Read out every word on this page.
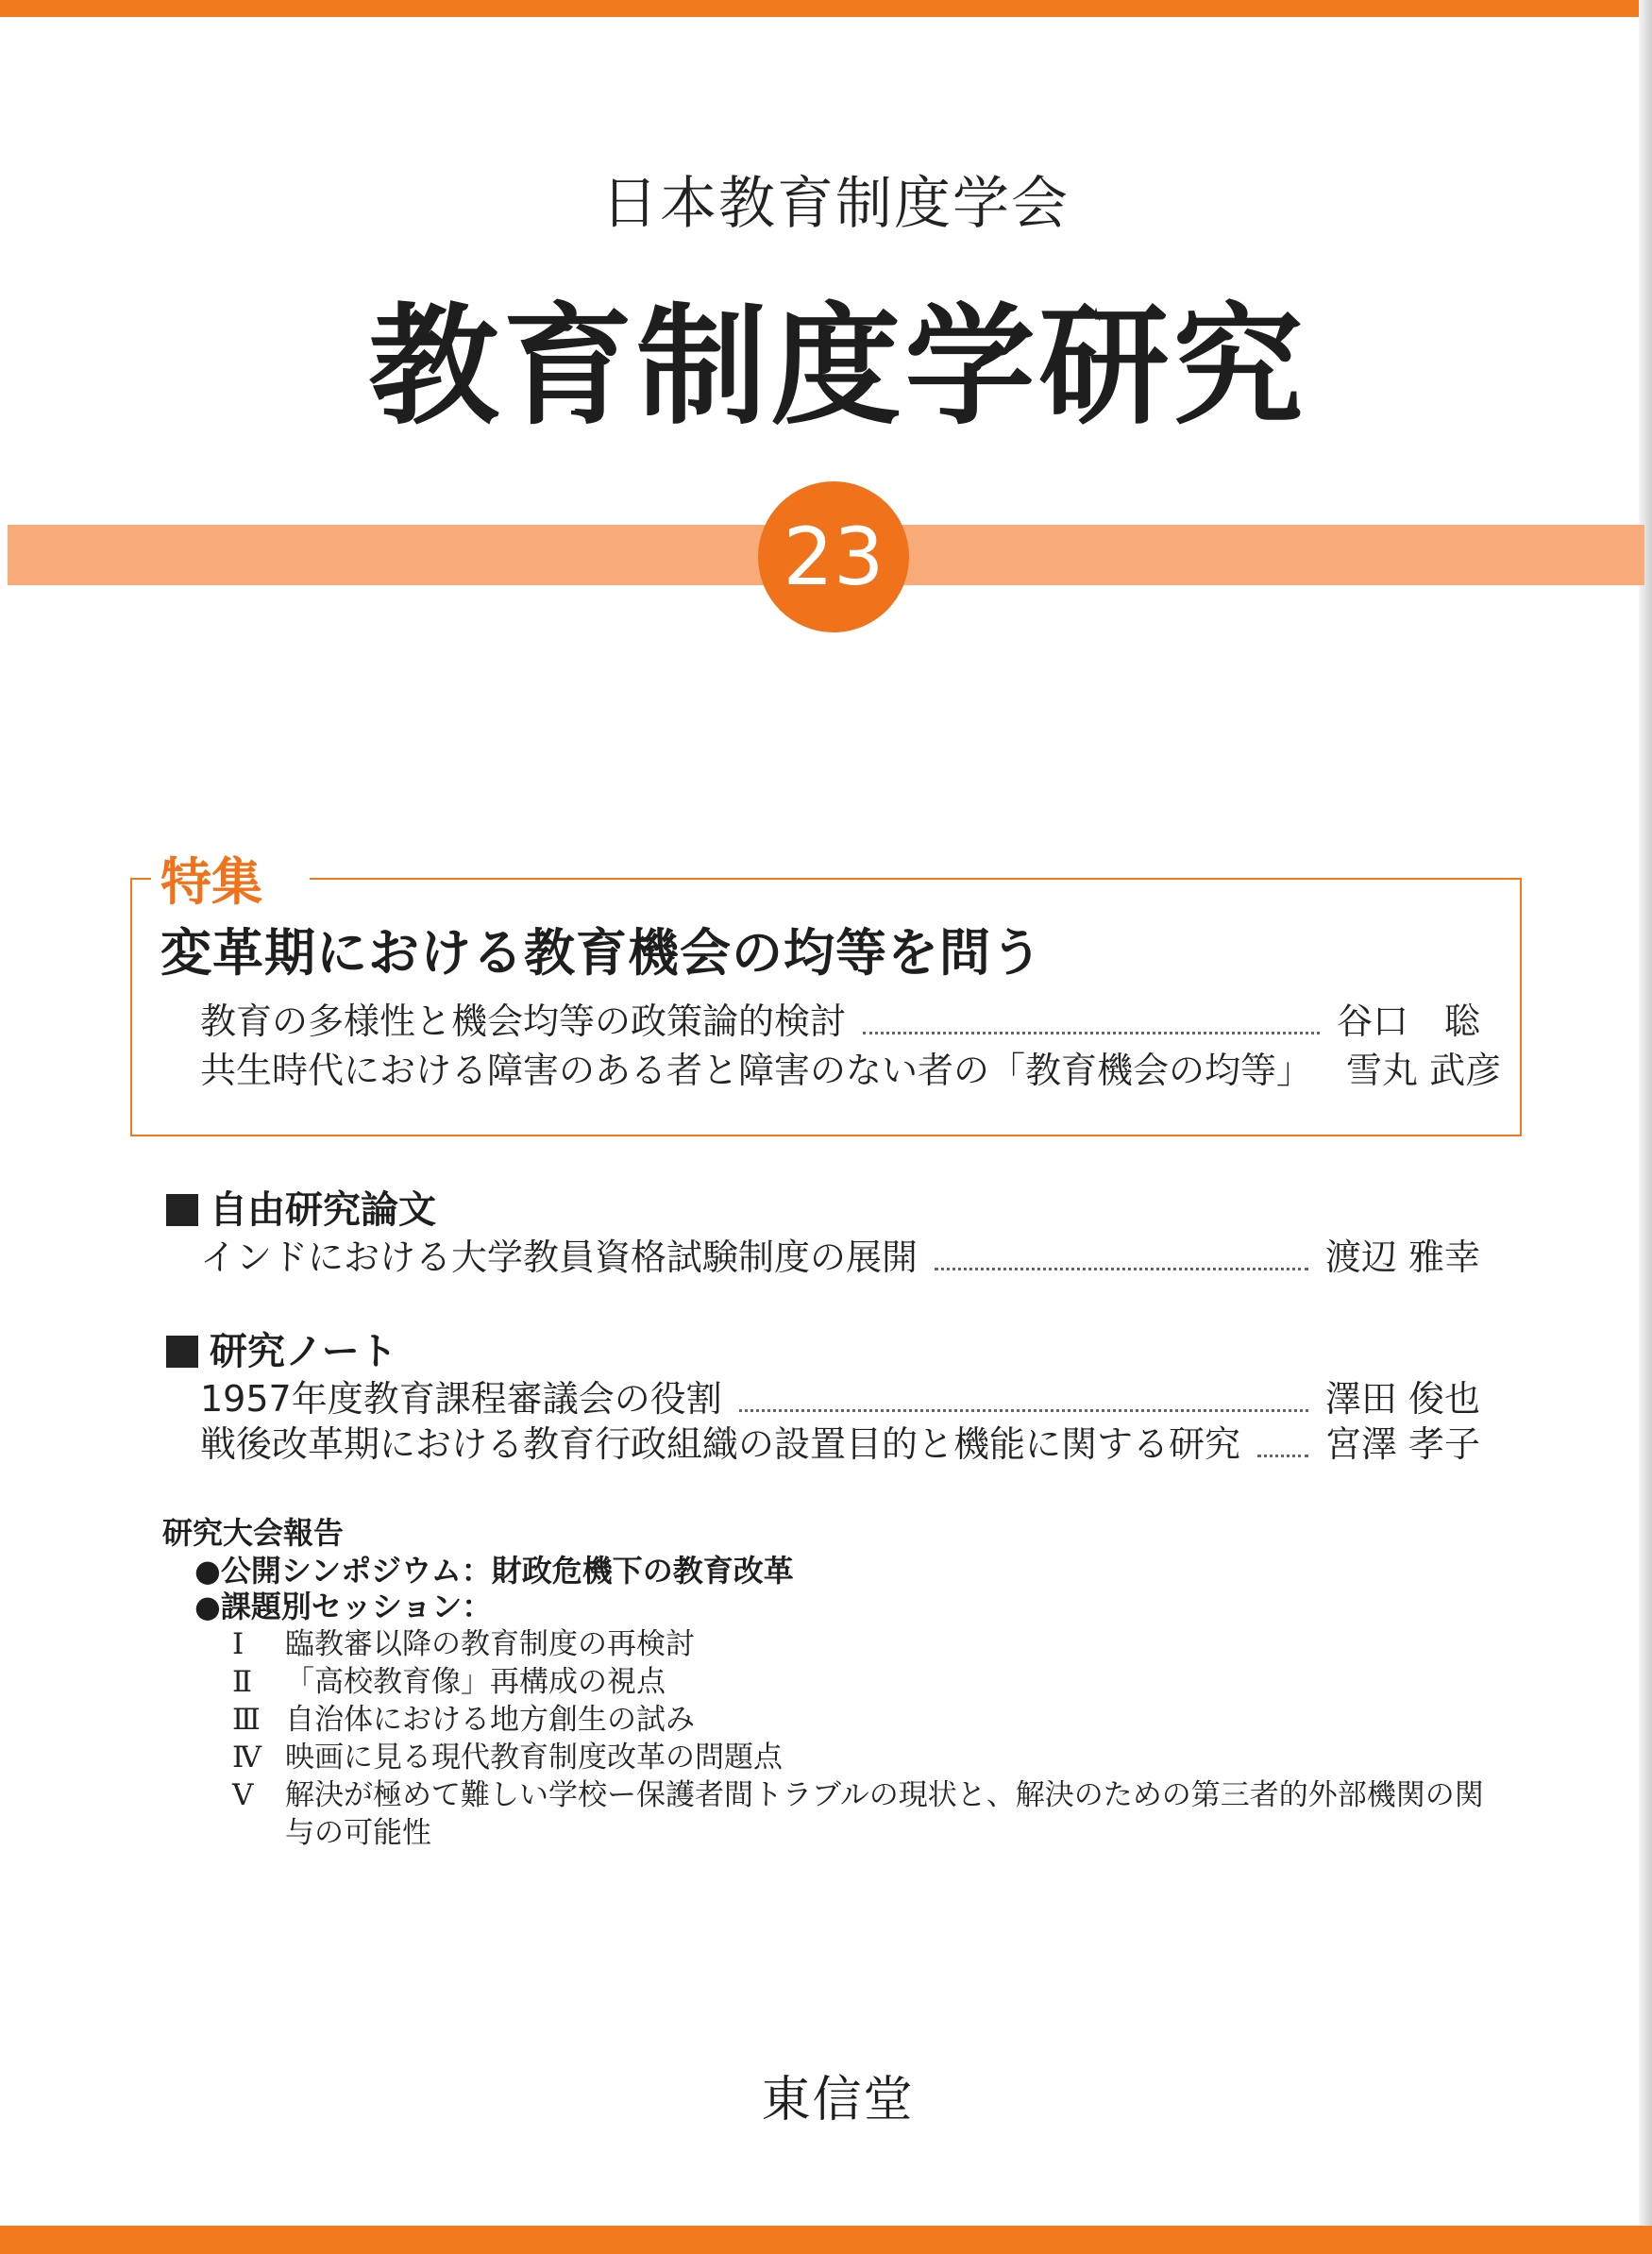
日本教育制度学会
教育制度学研究
23
特集
変革期における教育機会の均等を問う
教育の多様性と機会均等の政策論的検討	谷口　聡
共生時代における障害のある者と障害のない者の「教育機会の均等」 雪丸 武彦
自由研究論文
インドにおける大学教員資格試験制度の展開	渡辺 雅幸
研究ノート
1957年度教育課程審議会の役割	澤田 俊也
戦後改革期における教育行政組織の設置目的と機能に関する研究 宮澤 孝子
研究大会報告
●公開シンポジウム：財政危機下の教育改革
●課題別セッション：
Ⅰ	臨教審以降の教育制度の再検討
Ⅱ	「高校教育像」再構成の視点
Ⅲ 自治体における地方創生の試み
Ⅳ 映画に見る現代教育制度改革の問題点
Ⅴ	解決が極めて難しい学校ー保護者間トラブルの現状と、解決のための第三者的外部機関の関与の可能性
東信堂
